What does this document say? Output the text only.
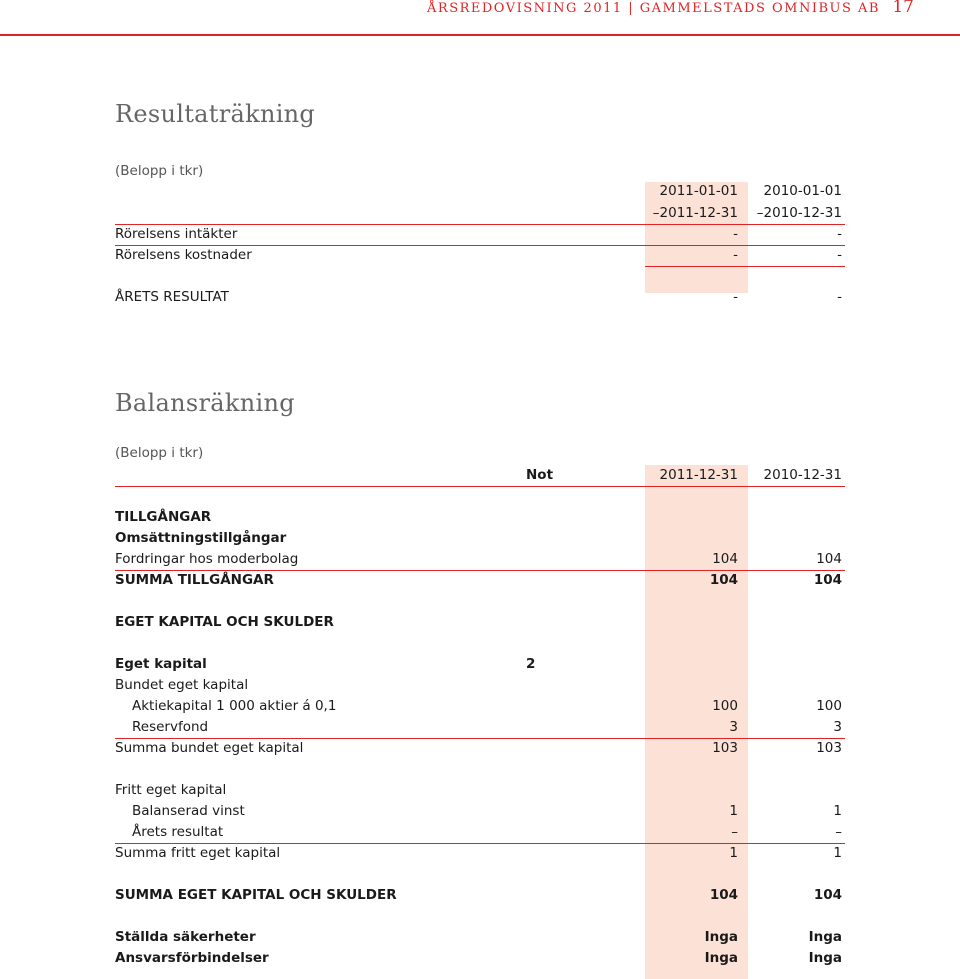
ÅRSREDOVISNING 2011 | GAMMELSTADS OMNIBUS AB 17
Resultaträkning
(Belopp i tkr)
2011-01-01 2010-01-01
–2011-12-31 –2010-12-31
Rörelsens intäkter	-	-
Rörelsens kostnader	-	-
ÅRETS RESULTAT	-	-
Balansräkning
(Belopp i tkr)
Not	2011-12-31 2010-12-31
TILLGÅNGAR
Omsättningstillgångar
Fordringar hos moderbolag	104	104
SUMMA TILLGÅNGAR	104	104
EGET KAPITAL OCH SKULDER
Eget kapital	2
Bundet eget kapital
Aktiekapital 1 000 aktier á 0,1	100	100
Reservfond	3	3
Summa bundet eget kapital	103	103
Fritt eget kapital
Balanserad vinst	1	1
Årets resultat	–	–
Summa fritt eget kapital	1	1
SUMMA EGET KAPITAL OCH SKULDER	104	104
Ställda säkerheter	Inga	Inga
Ansvarsförbindelser	Inga	Inga
